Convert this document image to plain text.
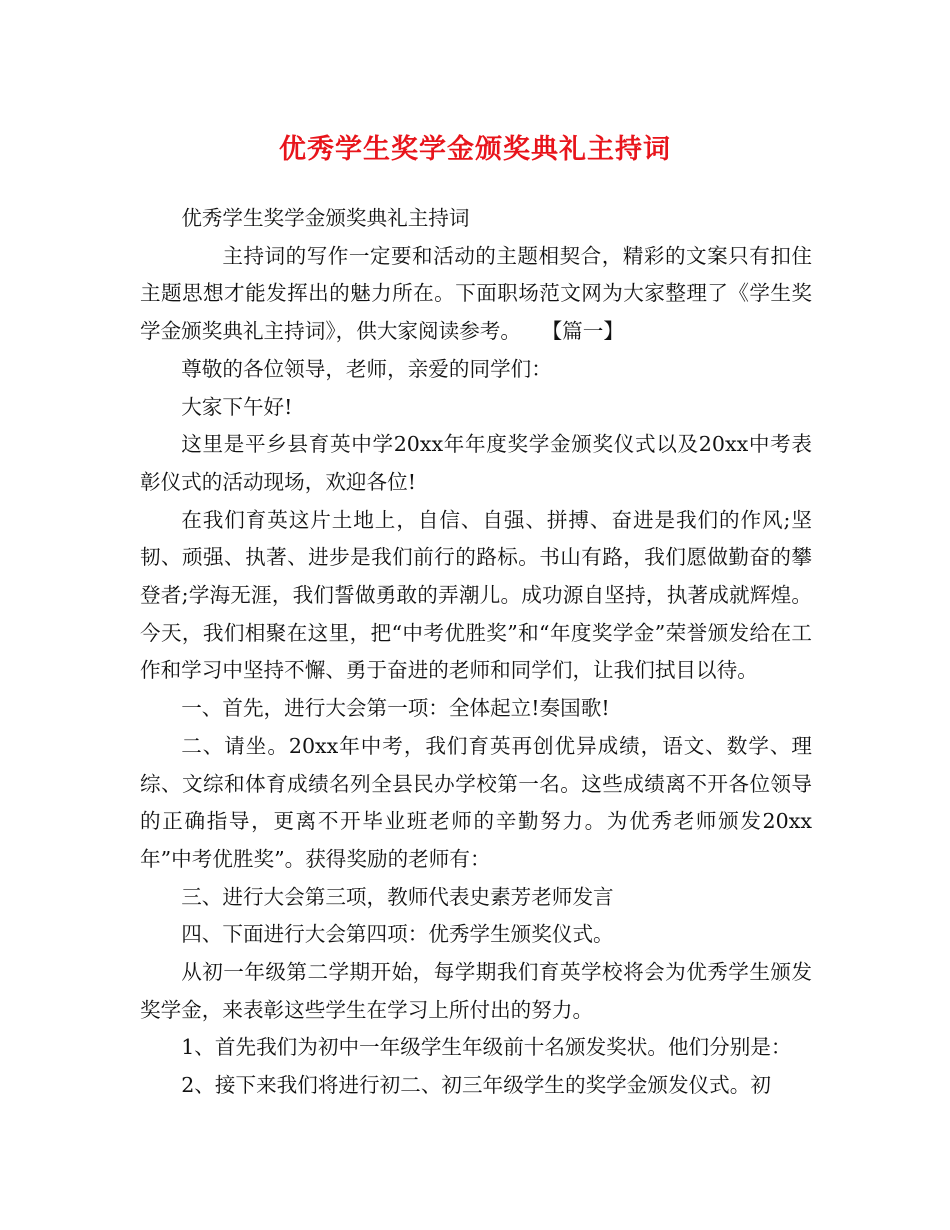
优秀学生奖学金颁奖典礼主持词

优秀学生奖学金颁奖典礼主持词

主持词的写作一定要和活动的主题相契合，精彩的文案只有扣住主题思想才能发挥出的魅力所在。下面职场范文网为大家整理了《学生奖学金颁奖典礼主持词》，供大家阅读参考。　　【篇一】

尊敬的各位领导，老师，亲爱的同学们：

大家下午好!

这里是平乡县育英中学20xx年年度奖学金颁奖仪式以及20xx中考表彰仪式的活动现场，欢迎各位!

在我们育英这片土地上，自信、自强、拼搏、奋进是我们的作风;坚韧、顽强、执著、进步是我们前行的路标。书山有路，我们愿做勤奋的攀登者;学海无涯，我们誓做勇敢的弄潮儿。成功源自坚持，执著成就辉煌。今天，我们相聚在这里，把“中考优胜奖”和“年度奖学金”荣誉颁发给在工作和学习中坚持不懈、勇于奋进的老师和同学们，让我们拭目以待。

一、首先，进行大会第一项：全体起立!奏国歌!

二、请坐。20xx年中考，我们育英再创优异成绩，语文、数学、理综、文综和体育成绩名列全县民办学校第一名。这些成绩离不开各位领导的正确指导，更离不开毕业班老师的辛勤努力。为优秀老师颁发20xx年”中考优胜奖”。获得奖励的老师有：

三、进行大会第三项，教师代表史素芳老师发言

四、下面进行大会第四项：优秀学生颁奖仪式。

从初一年级第二学期开始，每学期我们育英学校将会为优秀学生颁发奖学金，来表彰这些学生在学习上所付出的努力。

1、首先我们为初中一年级学生年级前十名颁发奖状。他们分别是：

2、接下来我们将进行初二、初三年级学生的奖学金颁发仪式。初
